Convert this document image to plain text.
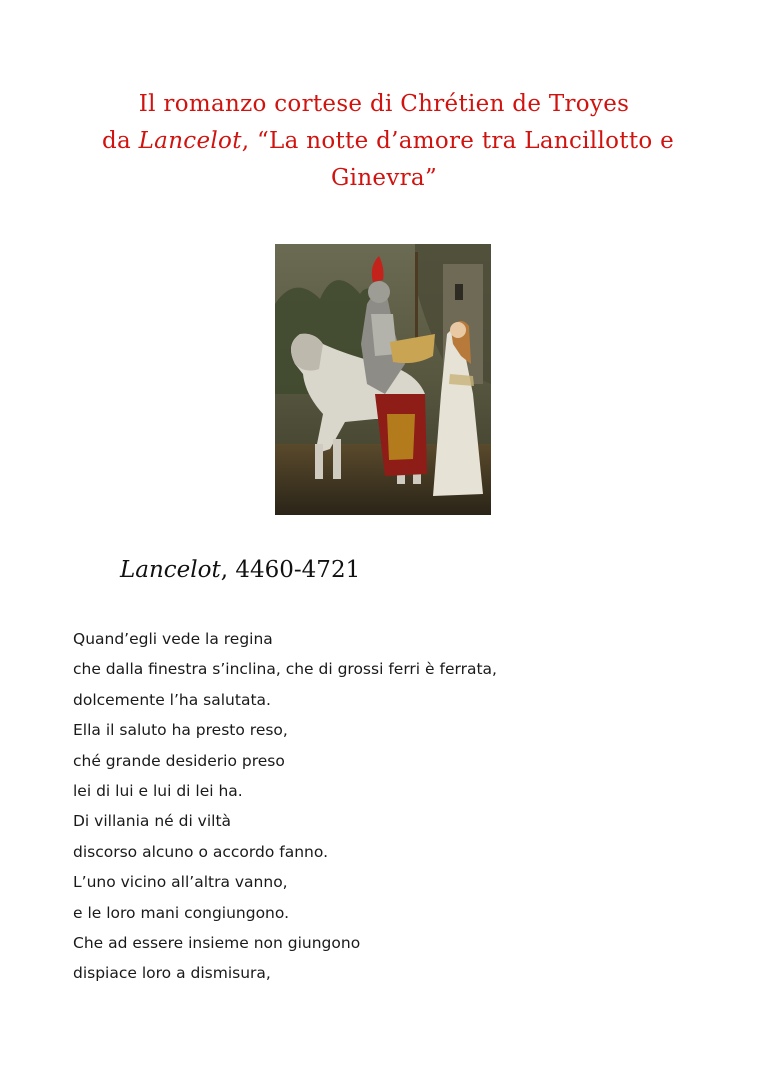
Il romanzo cortese di Chrétien de Troyes
da Lancelot, “La notte d’amore tra Lancillotto e
Ginevra”
Lancelot, 4460-4721
Quand’egli vede la regina
che dalla finestra s’inclina, che di grossi ferri è ferrata,
dolcemente l’ha salutata.
Ella il saluto ha presto reso,
ché grande desiderio preso
lei di lui e lui di lei ha.
Di villania né di viltà
discorso alcuno o accordo fanno.
L’uno vicino all’altra vanno,
e le loro mani congiungono.
Che ad essere insieme non giungono
dispiace loro a dismisura,
